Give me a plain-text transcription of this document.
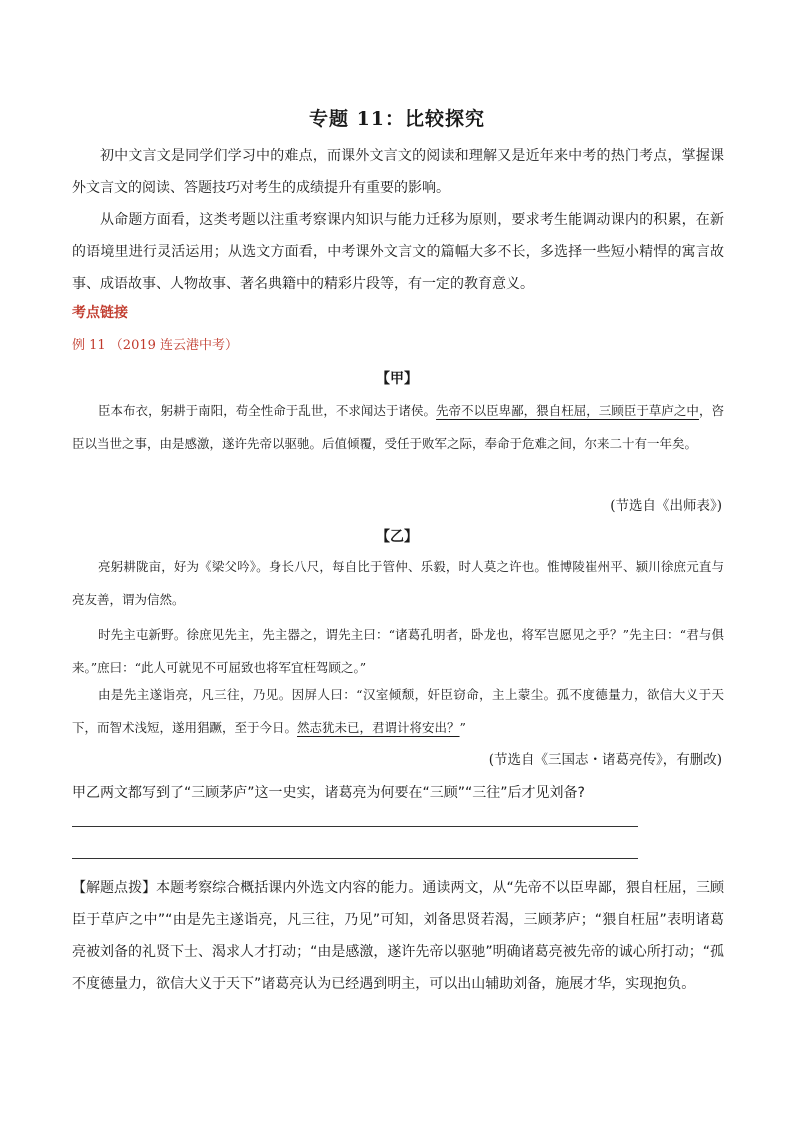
专题 11：比较探究
初中文言文是同学们学习中的难点，而课外文言文的阅读和理解又是近年来中考的热门考点，掌握课外文言文的阅读、答题技巧对考生的成绩提升有重要的影响。
从命题方面看，这类考题以注重考察课内知识与能力迁移为原则，要求考生能调动课内的积累，在新的语境里进行灵活运用；从选文方面看，中考课外文言文的篇幅大多不长，多选择一些短小精悍的寓言故事、成语故事、人物故事、著名典籍中的精彩片段等，有一定的教育意义。
考点链接
例 11 （2019 连云港中考）
【甲】
臣本布衣，躬耕于南阳，苟全性命于乱世，不求闻达于诸侯。先帝不以臣卑鄙，猥自枉屈，三顾臣于草庐之中，咨臣以当世之事，由是感激，遂许先帝以驱驰。后值倾覆，受任于败军之际，奉命于危难之间，尔来二十有一年矣。
(节选自《出师表》)
【乙】
亮躬耕陇亩，好为《梁父吟》。身长八尺，每自比于管仲、乐毅，时人莫之许也。惟博陵崔州平、颍川徐庶元直与亮友善，谓为信然。
时先主屯新野。徐庶见先主，先主器之，谓先主曰：“诸葛孔明者，卧龙也，将军岂愿见之乎？”先主曰：“君与俱来。”庶曰：“此人可就见不可屈致也将军宜枉驾顾之。”
由是先主遂诣亮，凡三往，乃见。因屏人曰：“汉室倾颓，奸臣窃命，主上蒙尘。孤不度德量力，欲信大义于天下，而智术浅短，遂用猖蹶，至于今日。然志犹未已，君谓计将安出？”
(节选自《三国志・诸葛亮传》，有删改)
甲乙两文都写到了“三顾茅庐”这一史实，诸葛亮为何要在“三顾”“三往”后才见刘备?
【解题点拨】本题考察综合概括课内外选文内容的能力。通读两文，从“先帝不以臣卑鄙，猥自枉屈，三顾臣于草庐之中”“由是先主遂诣亮，凡三往，乃见”可知，刘备思贤若渴，三顾茅庐；“猥自枉屈”表明诸葛亮被刘备的礼贤下士、渴求人才打动；“由是感激，遂许先帝以驱驰”明确诸葛亮被先帝的诚心所打动；“孤不度德量力，欲信大义于天下”诸葛亮认为已经遇到明主，可以出山辅助刘备，施展才华，实现抱负。
